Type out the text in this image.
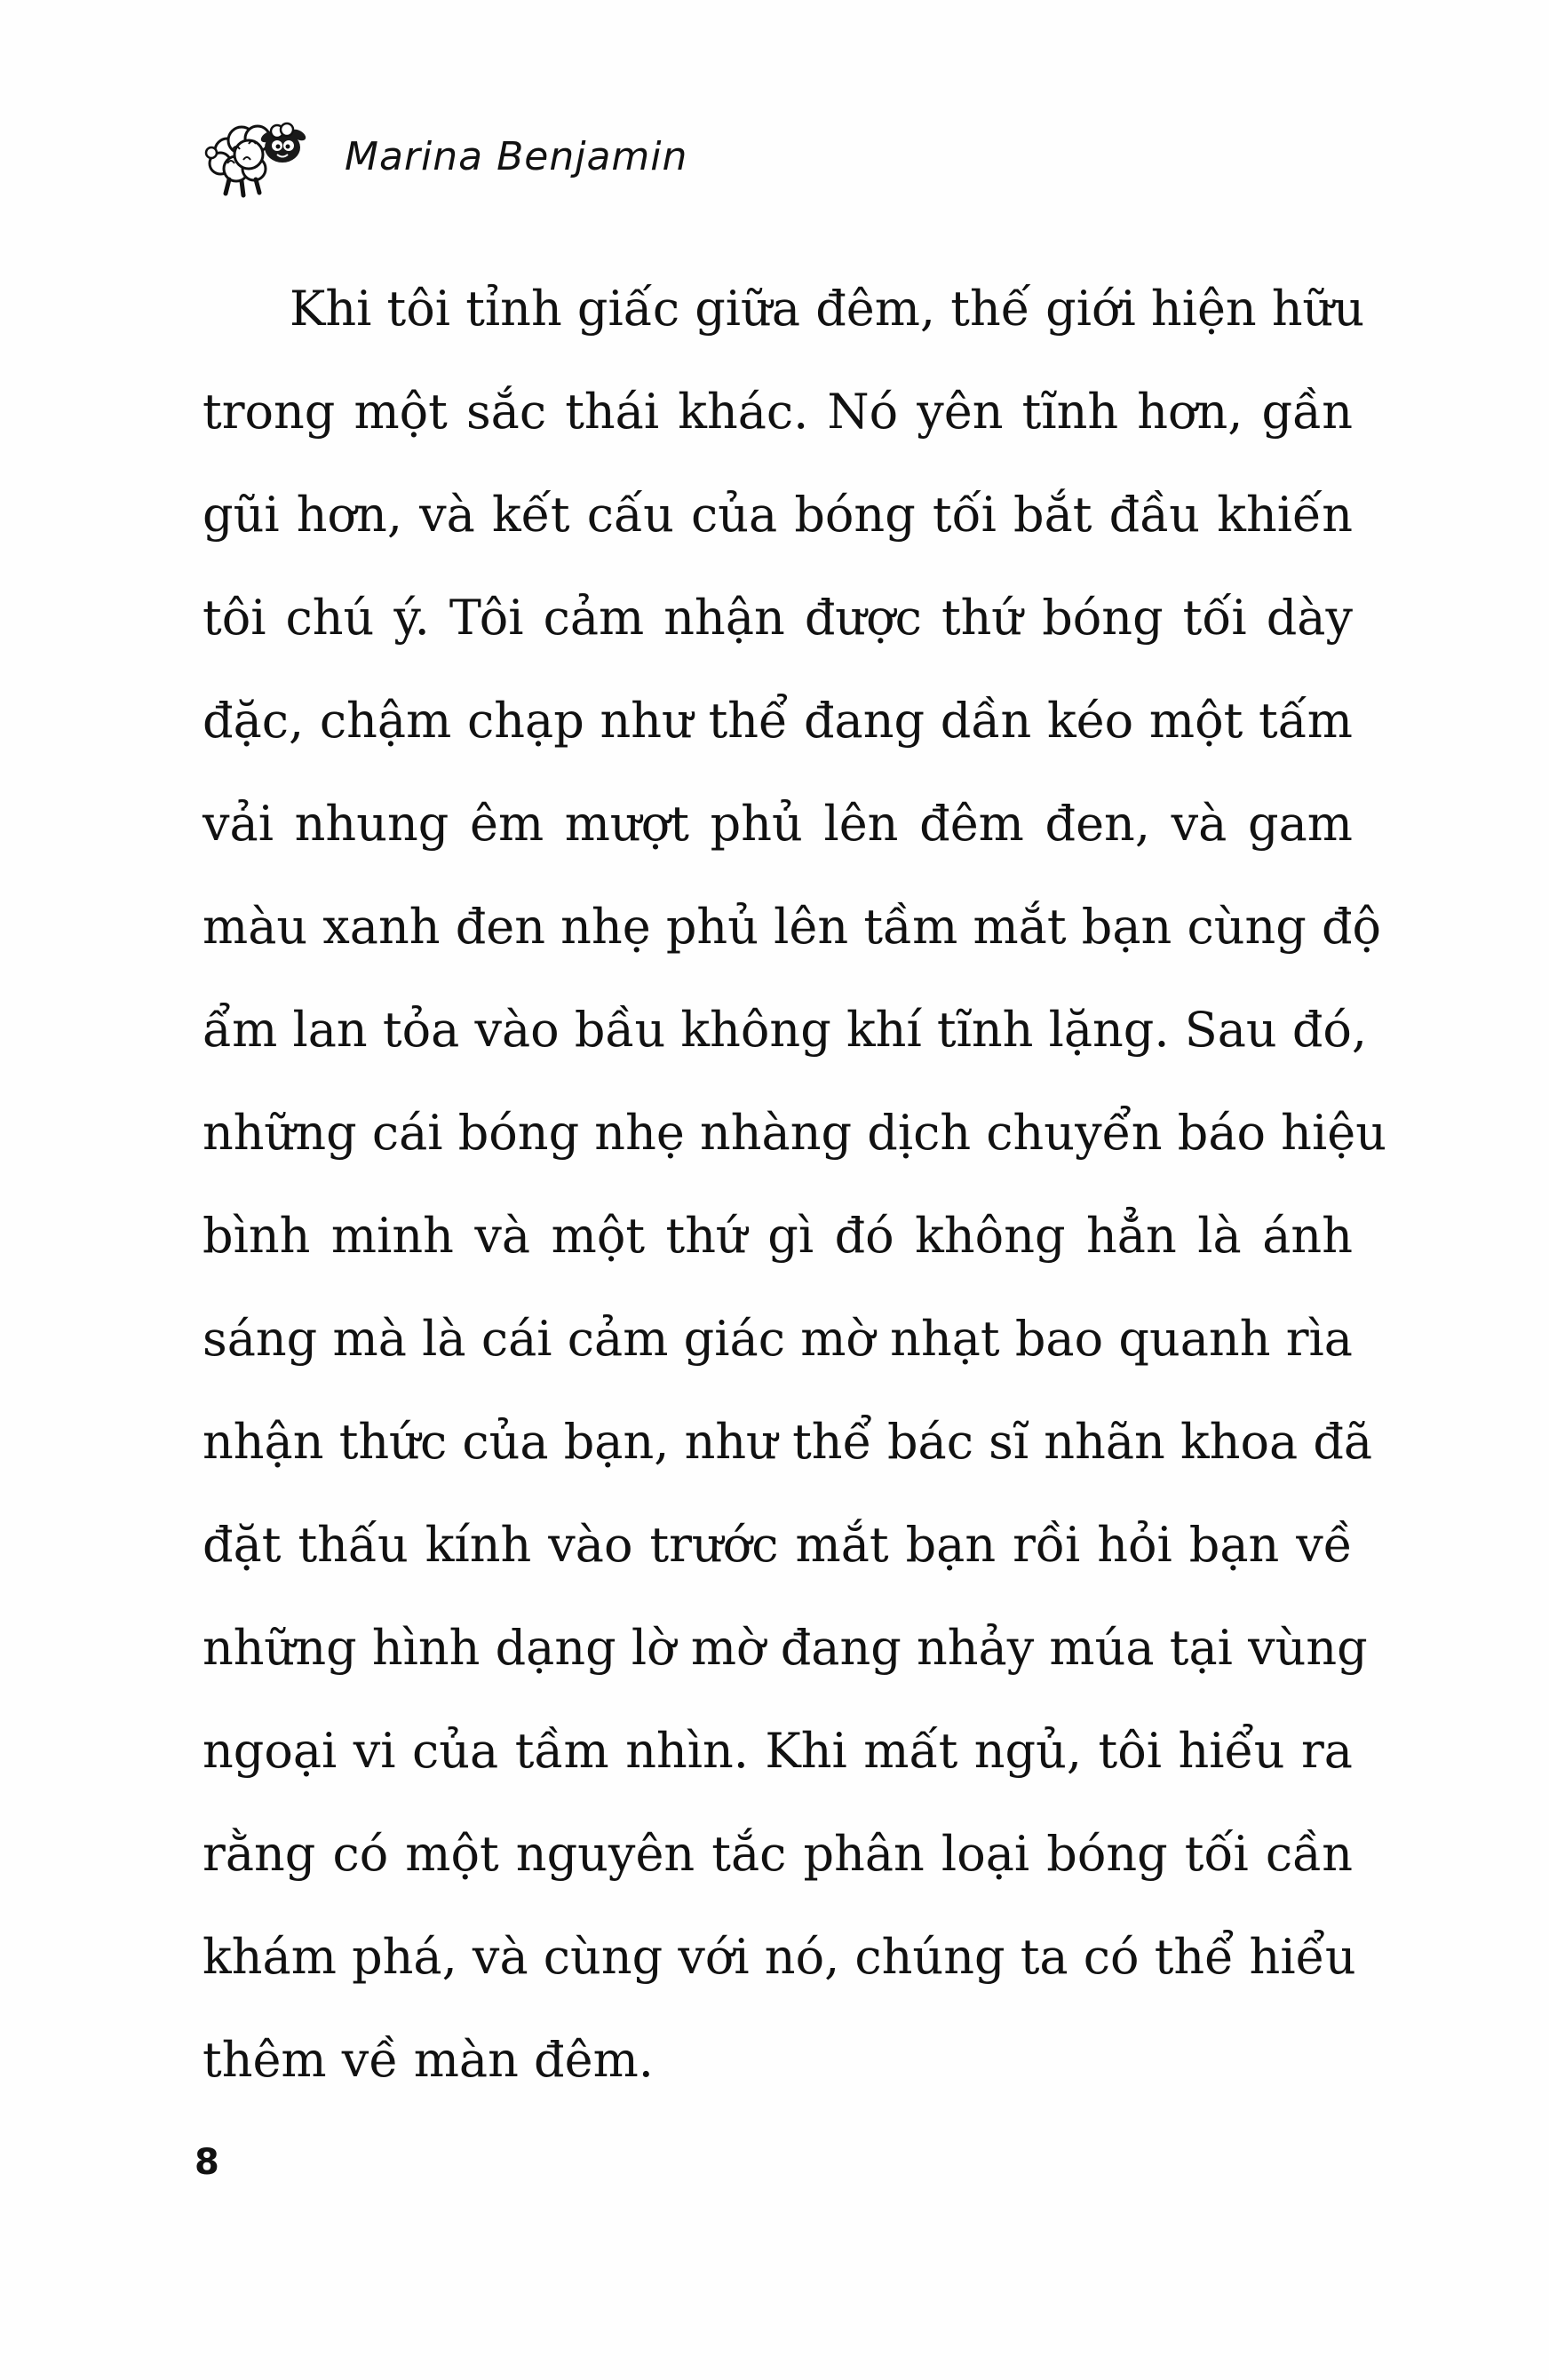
Marina Benjamin

Khi tôi tỉnh giấc giữa đêm, thế giới hiện hữu
trong một sắc thái khác. Nó yên tĩnh hơn, gần
gũi hơn, và kết cấu của bóng tối bắt đầu khiến
tôi chú ý. Tôi cảm nhận được thứ bóng tối dày
đặc, chậm chạp như thể đang dần kéo một tấm
vải nhung êm mượt phủ lên đêm đen, và gam
màu xanh đen nhẹ phủ lên tầm mắt bạn cùng độ
ẩm lan tỏa vào bầu không khí tĩnh lặng. Sau đó,
những cái bóng nhẹ nhàng dịch chuyển báo hiệu
bình minh và một thứ gì đó không hẳn là ánh
sáng mà là cái cảm giác mờ nhạt bao quanh rìa
nhận thức của bạn, như thể bác sĩ nhãn khoa đã
đặt thấu kính vào trước mắt bạn rồi hỏi bạn về
những hình dạng lờ mờ đang nhảy múa tại vùng
ngoại vi của tầm nhìn. Khi mất ngủ, tôi hiểu ra
rằng có một nguyên tắc phân loại bóng tối cần
khám phá, và cùng với nó, chúng ta có thể hiểu
thêm về màn đêm.

8
